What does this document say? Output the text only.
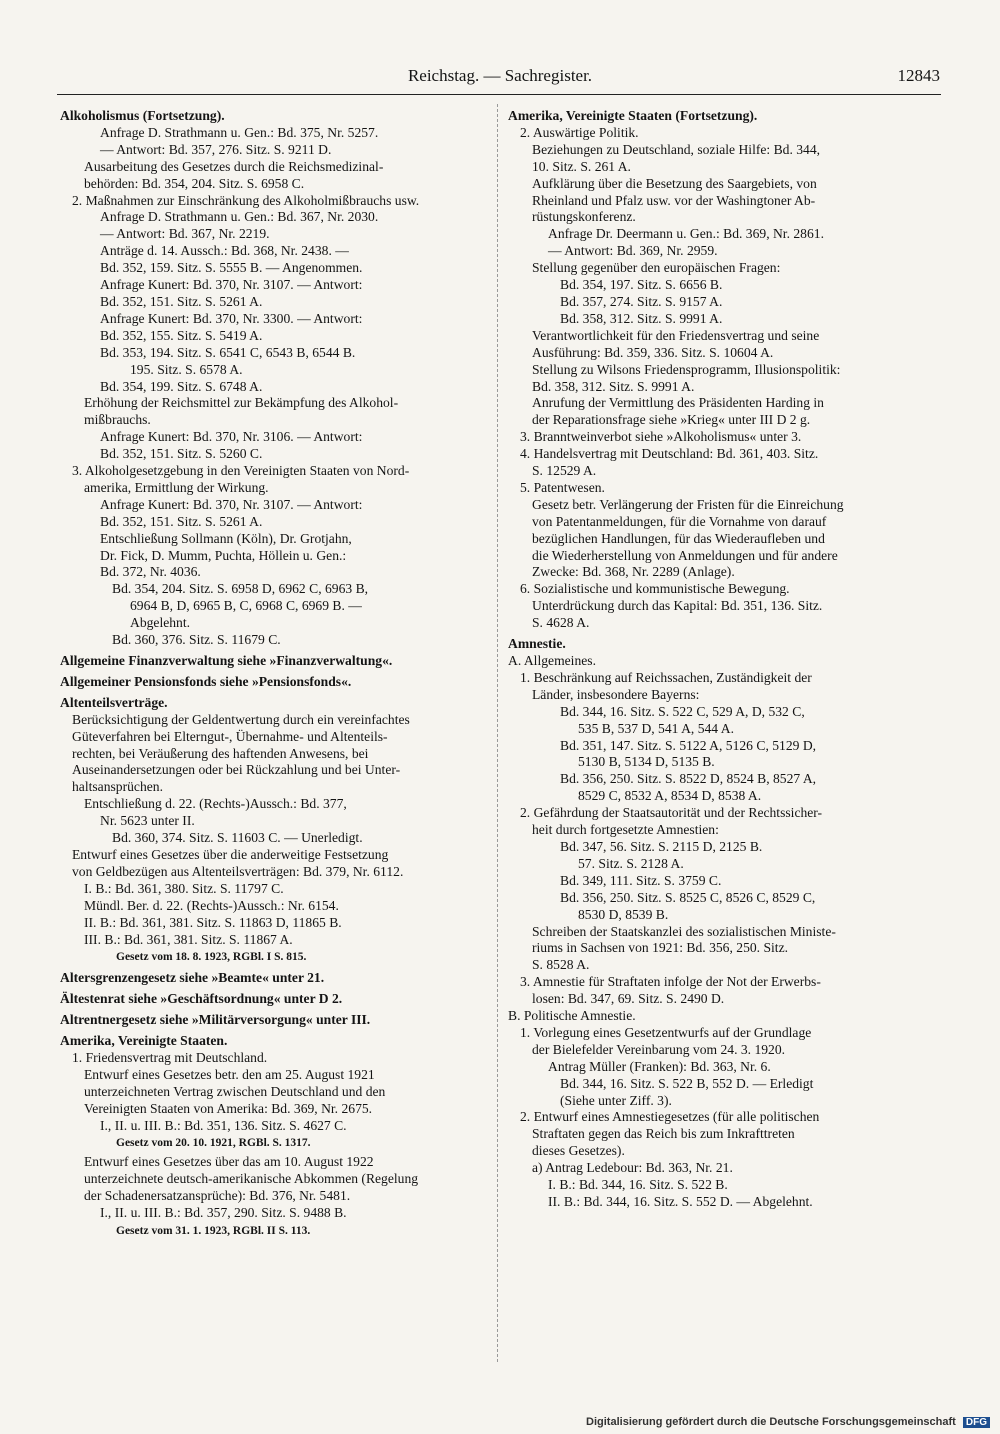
Reichstag. — Sachregister.	12843

Alkoholismus (Fortsetzung).

Anfrage D. Strathmann u. Gen.: Bd. 375, Nr. 5257.

— Antwort: Bd. 357, 276. Sitz. S. 9211 D.

Ausarbeitung des Gesetzes durch die Reichsmedizinal-

behörden: Bd. 354, 204. Sitz. S. 6958 C.

2. Maßnahmen zur Einschränkung des Alkoholmißbrauchs usw.

Anfrage D. Strathmann u. Gen.: Bd. 367, Nr. 2030.

— Antwort: Bd. 367, Nr. 2219.

Anträge d. 14. Aussch.: Bd. 368, Nr. 2438. —

Bd. 352, 159. Sitz. S. 5555 B. — Angenommen.

Anfrage Kunert: Bd. 370, Nr. 3107. — Antwort:

Bd. 352, 151. Sitz. S. 5261 A.

Anfrage Kunert: Bd. 370, Nr. 3300. — Antwort:

Bd. 352, 155. Sitz. S. 5419 A.

Bd. 353, 194. Sitz. S. 6541 C, 6543 B, 6544 B.

195. Sitz. S. 6578 A.

Bd. 354, 199. Sitz. S. 6748 A.

Erhöhung der Reichsmittel zur Bekämpfung des Alkohol-

mißbrauchs.

Anfrage Kunert: Bd. 370, Nr. 3106. — Antwort:

Bd. 352, 151. Sitz. S. 5260 C.

3. Alkoholgesetzgebung in den Vereinigten Staaten von Nord-

amerika, Ermittlung der Wirkung.

Anfrage Kunert: Bd. 370, Nr. 3107. — Antwort:

Bd. 352, 151. Sitz. S. 5261 A.

Entschließung Sollmann (Köln), Dr. Grotjahn,

Dr. Fick, D. Mumm, Puchta, Höllein u. Gen.:

Bd. 372, Nr. 4036.

Bd. 354, 204. Sitz. S. 6958 D, 6962 C, 6963 B,

6964 B, D, 6965 B, C, 6968 C, 6969 B. —

Abgelehnt.

Bd. 360, 376. Sitz. S. 11679 C.

Allgemeine Finanzverwaltung siehe »Finanzverwaltung«.

Allgemeiner Pensionsfonds siehe »Pensionsfonds«.

Altenteilsverträge.

Berücksichtigung der Geldentwertung durch ein vereinfachtes

Güteverfahren bei Elterngut-, Übernahme- und Altenteils-

rechten, bei Veräußerung des haftenden Anwesens, bei

Auseinandersetzungen oder bei Rückzahlung und bei Unter-

haltsansprüchen.

Entschließung d. 22. (Rechts-)Aussch.: Bd. 377,

Nr. 5623 unter II.

Bd. 360, 374. Sitz. S. 11603 C. — Unerledigt.

Entwurf eines Gesetzes über die anderweitige Festsetzung

von Geldbezügen aus Altenteilsverträgen: Bd. 379, Nr. 6112.

I. B.: Bd. 361, 380. Sitz. S. 11797 C.

Mündl. Ber. d. 22. (Rechts-)Aussch.: Nr. 6154.

II. B.: Bd. 361, 381. Sitz. S. 11863 D, 11865 B.

III. B.: Bd. 361, 381. Sitz. S. 11867 A.

Gesetz vom 18. 8. 1923, RGBl. I S. 815.

Altersgrenzengesetz siehe »Beamte« unter 21.

Ältestenrat siehe »Geschäftsordnung« unter D 2.

Altrentnergesetz siehe »Militärversorgung« unter III.

Amerika, Vereinigte Staaten.

1. Friedensvertrag mit Deutschland.

Entwurf eines Gesetzes betr. den am 25. August 1921

unterzeichneten Vertrag zwischen Deutschland und den

Vereinigten Staaten von Amerika: Bd. 369, Nr. 2675.

I., II. u. III. B.: Bd. 351, 136. Sitz. S. 4627 C.

Gesetz vom 20. 10. 1921, RGBl. S. 1317.

Entwurf eines Gesetzes über das am 10. August 1922

unterzeichnete deutsch-amerikanische Abkommen (Regelung

der Schadenersatzansprüche): Bd. 376, Nr. 5481.

I., II. u. III. B.: Bd. 357, 290. Sitz. S. 9488 B.

Gesetz vom 31. 1. 1923, RGBl. II S. 113.

Amerika, Vereinigte Staaten (Fortsetzung).

2. Auswärtige Politik.

Beziehungen zu Deutschland, soziale Hilfe: Bd. 344,

10. Sitz. S. 261 A.

Aufklärung über die Besetzung des Saargebiets, von

Rheinland und Pfalz usw. vor der Washingtoner Ab-

rüstungskonferenz.

Anfrage Dr. Deermann u. Gen.: Bd. 369, Nr. 2861.

— Antwort: Bd. 369, Nr. 2959.

Stellung gegenüber den europäischen Fragen:

Bd. 354, 197. Sitz. S. 6656 B.

Bd. 357, 274. Sitz. S. 9157 A.

Bd. 358, 312. Sitz. S. 9991 A.

Verantwortlichkeit für den Friedensvertrag und seine

Ausführung: Bd. 359, 336. Sitz. S. 10604 A.

Stellung zu Wilsons Friedensprogramm, Illusionspolitik:

Bd. 358, 312. Sitz. S. 9991 A.

Anrufung der Vermittlung des Präsidenten Harding in

der Reparationsfrage siehe »Krieg« unter III D 2 g.

3. Branntweinverbot siehe »Alkoholismus« unter 3.

4. Handelsvertrag mit Deutschland: Bd. 361, 403. Sitz.

S. 12529 A.

5. Patentwesen.

Gesetz betr. Verlängerung der Fristen für die Einreichung

von Patentanmeldungen, für die Vornahme von darauf

bezüglichen Handlungen, für das Wiederaufleben und

die Wiederherstellung von Anmeldungen und für andere

Zwecke: Bd. 368, Nr. 2289 (Anlage).

6. Sozialistische und kommunistische Bewegung.

Unterdrückung durch das Kapital: Bd. 351, 136. Sitz.

S. 4628 A.

Amnestie.

A. Allgemeines.

1. Beschränkung auf Reichssachen, Zuständigkeit der

Länder, insbesondere Bayerns:

Bd. 344, 16. Sitz. S. 522 C, 529 A, D, 532 C,

535 B, 537 D, 541 A, 544 A.

Bd. 351, 147. Sitz. S. 5122 A, 5126 C, 5129 D,

5130 B, 5134 D, 5135 B.

Bd. 356, 250. Sitz. S. 8522 D, 8524 B, 8527 A,

8529 C, 8532 A, 8534 D, 8538 A.

2. Gefährdung der Staatsautorität und der Rechtssicher-

heit durch fortgesetzte Amnestien:

Bd. 347, 56. Sitz. S. 2115 D, 2125 B.

57. Sitz. S. 2128 A.

Bd. 349, 111. Sitz. S. 3759 C.

Bd. 356, 250. Sitz. S. 8525 C, 8526 C, 8529 C,

8530 D, 8539 B.

Schreiben der Staatskanzlei des sozialistischen Ministe-

riums in Sachsen von 1921: Bd. 356, 250. Sitz.

S. 8528 A.

3. Amnestie für Straftaten infolge der Not der Erwerbs-

losen: Bd. 347, 69. Sitz. S. 2490 D.

B. Politische Amnestie.

1. Vorlegung eines Gesetzentwurfs auf der Grundlage

der Bielefelder Vereinbarung vom 24. 3. 1920.

Antrag Müller (Franken): Bd. 363, Nr. 6.

Bd. 344, 16. Sitz. S. 522 B, 552 D. — Erledigt

(Siehe unter Ziff. 3).

2. Entwurf eines Amnestiegesetzes (für alle politischen

Straftaten gegen das Reich bis zum Inkrafttreten

dieses Gesetzes).

a) Antrag Ledebour: Bd. 363, Nr. 21.

I. B.: Bd. 344, 16. Sitz. S. 522 B.

II. B.: Bd. 344, 16. Sitz. S. 552 D. — Abgelehnt.

Digitalisierung gefördert durch die Deutsche Forschungsgemeinschaft DFG
